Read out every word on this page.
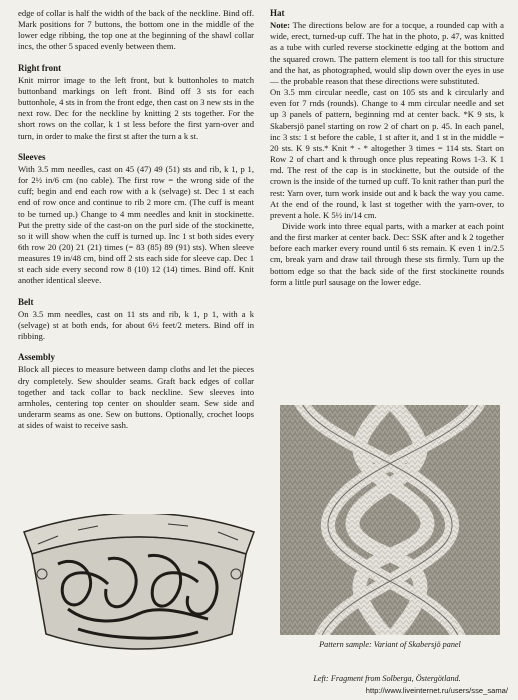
edge of collar is half the width of the back of the neckline. Bind off. Mark positions for 7 buttons, the bottom one in the middle of the lower edge ribbing, the top one at the beginning of the shawl collar incs, the other 5 spaced evenly between them.

Right front

Knit mirror image to the left front, but k buttonholes to match buttonband markings on left front. Bind off 3 sts for each buttonhole, 4 sts in from the front edge, then cast on 3 new sts in the next row. Dec for the neckline by knitting 2 sts together. For the short rows on the collar, k 1 st less before the first yarn-over and turn, in order to make the first st after the turn a k st.

Sleeves

With 3.5 mm needles, cast on 45 (47) 49 (51) sts and rib, k 1, p 1, for 2½ in/6 cm (no cable). The first row = the wrong side of the cuff; begin and end each row with a k (selvage) st. Dec 1 st each end of row once and continue to rib 2 more cm. (The cuff is meant to be turned up.) Change to 4 mm needles and knit in stockinette. Put the pretty side of the cast-on on the purl side of the stockinette, so it will show when the cuff is turned up. Inc 1 st both sides every 6th row 20 (20) 21 (21) times (= 83 (85) 89 (91) sts). When sleeve measures 19 in/48 cm, bind off 2 sts each side for sleeve cap. Dec 1 st each side every second row 8 (10) 12 (14) times. Bind off. Knit another identical sleeve.

Belt

On 3.5 mm needles, cast on 11 sts and rib, k 1, p 1, with a k (selvage) st at both ends, for about 6½ feet/2 meters. Bind off in ribbing.

Assembly

Block all pieces to measure between damp cloths and let the pieces dry completely. Sew shoulder seams. Graft back edges of collar together and tack collar to back neckline. Sew sleeves into armholes, centering top center on shoulder seam. Sew side and underarm seams as one. Sew on buttons. Optionally, crochet loops at sides of waist to receive sash.

Hat

Note: The directions below are for a tocque, a rounded cap with a wide, erect, turned-up cuff. The hat in the photo, p. 47, was knitted as a tube with curled reverse stockinette edging at the bottom and the squared crown. The pattern element is too tall for this structure and the hat, as photographed, would slip down over the eyes in use — the probable reason that these directions were substituted.

On 3.5 mm circular needle, cast on 105 sts and k circularly and even for 7 rnds (rounds). Change to 4 mm circular needle and set up 3 panels of pattern, beginning rnd at center back. *K 9 sts, k Skabersjö panel starting on row 2 of chart on p. 45. In each panel, inc 3 sts: 1 st before the cable, 1 st after it, and 1 st in the middle = 20 sts. K 9 sts.* Knit * - * altogether 3 times = 114 sts. Start on Row 2 of chart and k through once plus repeating Rows 1-3. K 1 rnd. The rest of the cap is in stockinette, but the outside of the crown is the inside of the turned up cuff. To knit rather than purl the rest: Yarn over, turn work inside out and k back the way you came. At the end of the round, k last st together with the yarn-over, to prevent a hole. K 5½ in/14 cm.

Divide work into three equal parts, with a marker at each point and the first marker at center back. Dec: SSK after and k 2 together before each marker every round until 6 sts remain. K even 1 in/2.5 cm, break yarn and draw tail through these sts firmly. Turn up the bottom edge so that the back side of the first stockinette rounds form a little purl sausage on the lower edge.

Pattern sample: Variant of Skabersjö panel
Left: Fragment from Solberga, Östergötland.
http://www.liveinternet.ru/users/sse_sama/
